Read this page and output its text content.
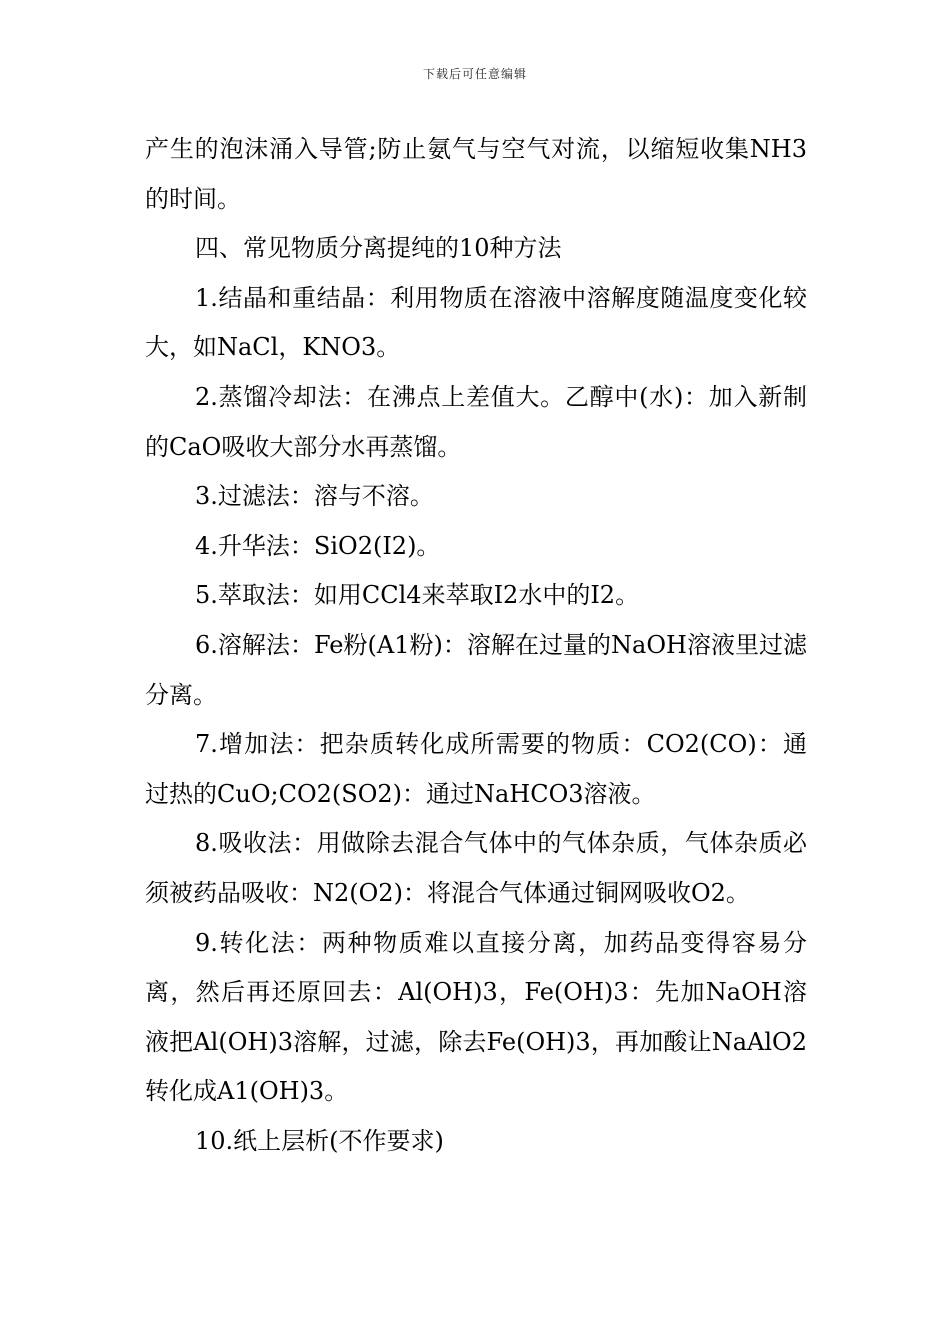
下载后可任意编辑

产生的泡沫涌入导管;防止氨气与空气对流，以缩短收集NH3的时间。

四、常见物质分离提纯的10种方法

1.结晶和重结晶：利用物质在溶液中溶解度随温度变化较大，如NaCl，KNO3。

2.蒸馏冷却法：在沸点上差值大。乙醇中(水)：加入新制的CaO吸收大部分水再蒸馏。

3.过滤法：溶与不溶。

4.升华法：SiO2(I2)。

5.萃取法：如用CCl4来萃取I2水中的I2。

6.溶解法：Fe粉(A1粉)：溶解在过量的NaOH溶液里过滤分离。

7.增加法：把杂质转化成所需要的物质：CO2(CO)：通过热的CuO;CO2(SO2)：通过NaHCO3溶液。

8.吸收法：用做除去混合气体中的气体杂质，气体杂质必须被药品吸收：N2(O2)：将混合气体通过铜网吸收O2。

9.转化法：两种物质难以直接分离，加药品变得容易分离，然后再还原回去：Al(OH)3，Fe(OH)3：先加NaOH溶液把Al(OH)3溶解，过滤，除去Fe(OH)3，再加酸让NaAlO2转化成A1(OH)3。

10.纸上层析(不作要求)
